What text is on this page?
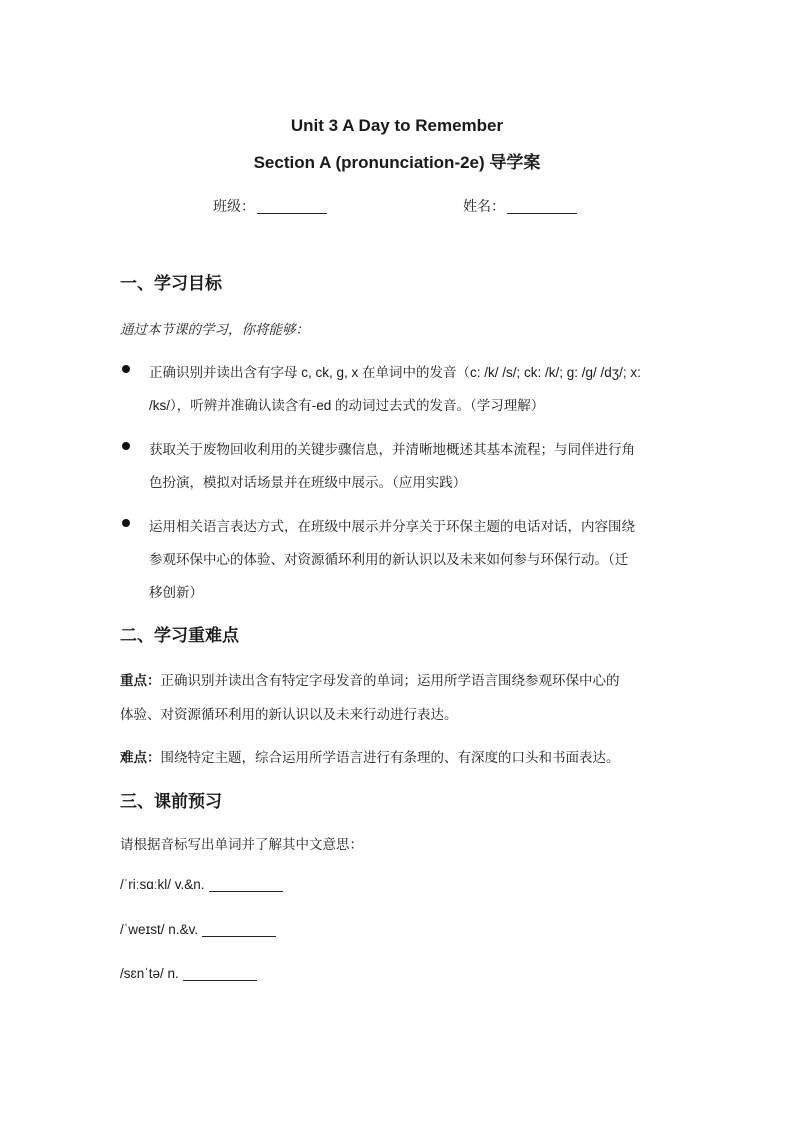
Unit 3 A Day to Remember
Section A (pronunciation-2e) 导学案
班级：	姓名：
一、学习目标
通过本节课的学习，你将能够：
正确识别并读出含有字母 c, ck, g, x 在单词中的发音（c: /k/ /s/; ck: /k/; g: /g/ /dʒ/; x:
/ks/），听辨并准确认读含有-ed 的动词过去式的发音。（学习理解）
获取关于废物回收利用的关键步骤信息，并清晰地概述其基本流程；与同伴进行角
色扮演，模拟对话场景并在班级中展示。（应用实践）
运用相关语言表达方式，在班级中展示并分享关于环保主题的电话对话，内容围绕
参观环保中心的体验、对资源循环利用的新认识以及未来如何参与环保行动。（迁
移创新）
二、学习重难点
重点：正确识别并读出含有特定字母发音的单词；运用所学语言围绕参观环保中心的
体验、对资源循环利用的新认识以及未来行动进行表达。
难点：围绕特定主题，综合运用所学语言进行有条理的、有深度的口头和书面表达。
三、课前预习
请根据音标写出单词并了解其中文意思：
/ˈriːsɑːkl/ v.&n.
/ˈweɪst/ n.&v.
/sɛnˈtə/ n.
